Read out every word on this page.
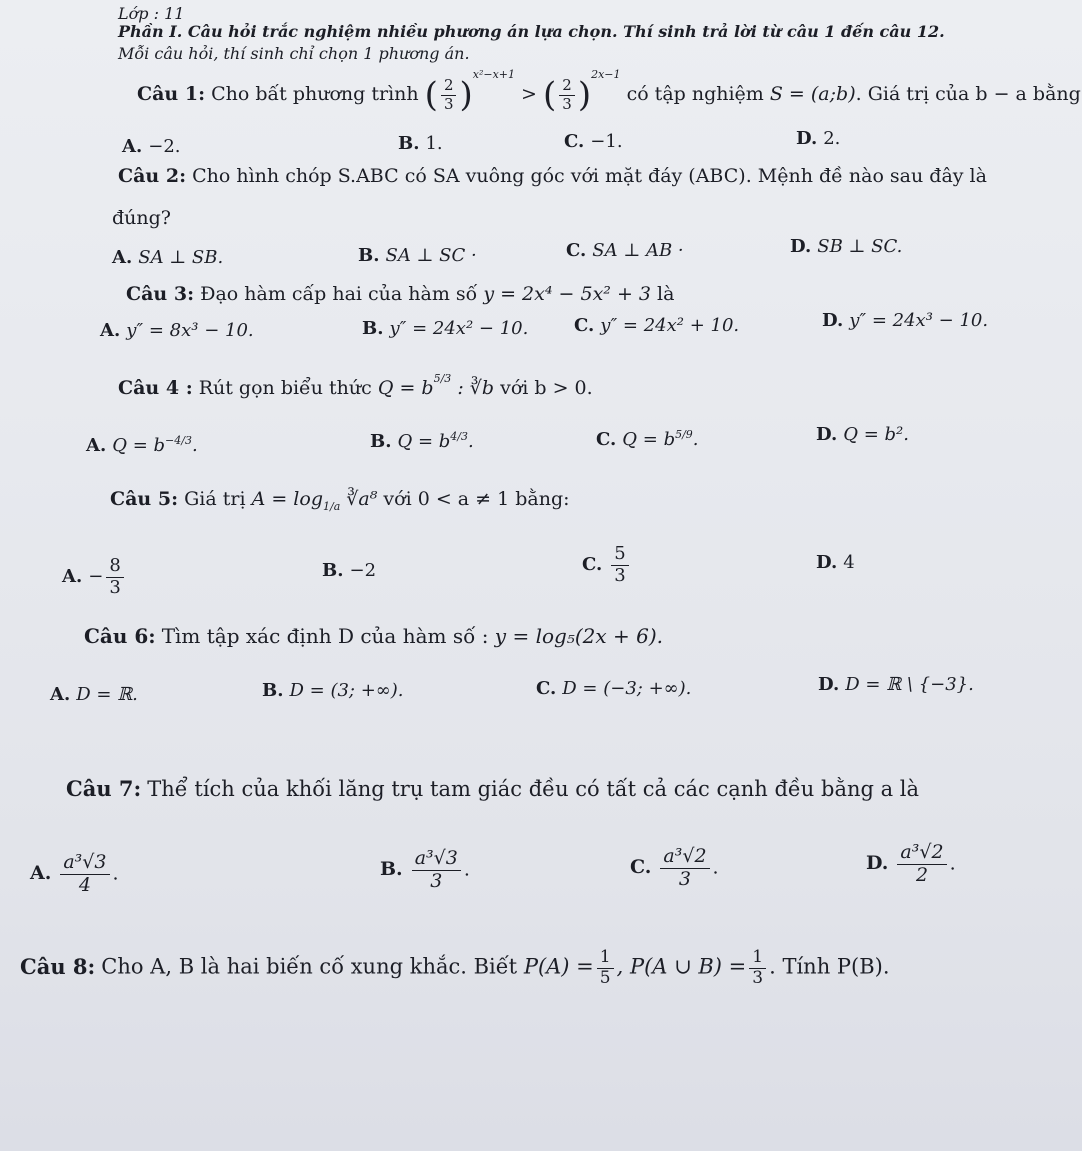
Lớp : 11
Phần I. Câu hỏi trắc nghiệm nhiều phương án lựa chọn. Thí sinh trả lời từ câu 1 đến câu 12.
Mỗi câu hỏi, thí sinh chỉ chọn 1 phương án.
Câu 1: Cho bất phương trình ( $\frac{2}{3} )^{x^2-x+1}$ > ( $\frac{2}{3} )^{2x-1}$ có tập nghiệm S = (a;b). Giá trị của b − a bằng
A. −2.	B. 1.	C. −1.	D. 2.
Câu 2: Cho hình chóp S.ABC có SA vuông góc với mặt đáy (ABC). Mệnh đề nào sau đây là
đúng?
A. SA ⊥ SB.	B. SA ⊥ SC ·	C. SA ⊥ AB ·	D. SB ⊥ SC.
Câu 3: Đạo hàm cấp hai của hàm số y = 2x⁴ − 5x² + 3 là
A. y″ = 8x³ − 10.	B. y″ = 24x² − 10.	C. y″ = 24x² + 10.	D. y″ = 24x³ − 10.
Câu 4 : Rút gọn biểu thức $Q = b^{5/3}$ : ∛b với b > 0.
A. $Q = b^{-4/3}$.	B. $Q = b^{4/3}$.	C. $Q = b^{5/9}$.	D. Q = b².
Câu 5: Giá trị $A = \log_{1/a}$ ∛a⁸ với 0 < a ≠ 1 bằng:
A. − $\frac{8}{3}$	B. −2	C. $\frac{5}{3}$	D. 4
Câu 6: Tìm tập xác định D của hàm số : y = log₅(2x + 6).
A. D = ℝ.	B. D = (3; +∞).	C. D = (−3; +∞).	D. D = ℝ \ {−3}.
Câu 7: Thể tích của khối lăng trụ tam giác đều có tất cả các cạnh đều bằng a là
A. $\frac{\text{a³√3}}{4}$ .	B. $\frac{\text{a³√3}}{3}$ .	C. $\frac{\text{a³√2}}{3}$ .	D. $\frac{\text{a³√2}}{2}$ .
Câu 8: Cho A, B là hai biến cố xung khắc. Biết $P(A) = \frac{1}{5}$ , P(A ∪ $B) = \frac{1}{3}$ . Tính P(B).
